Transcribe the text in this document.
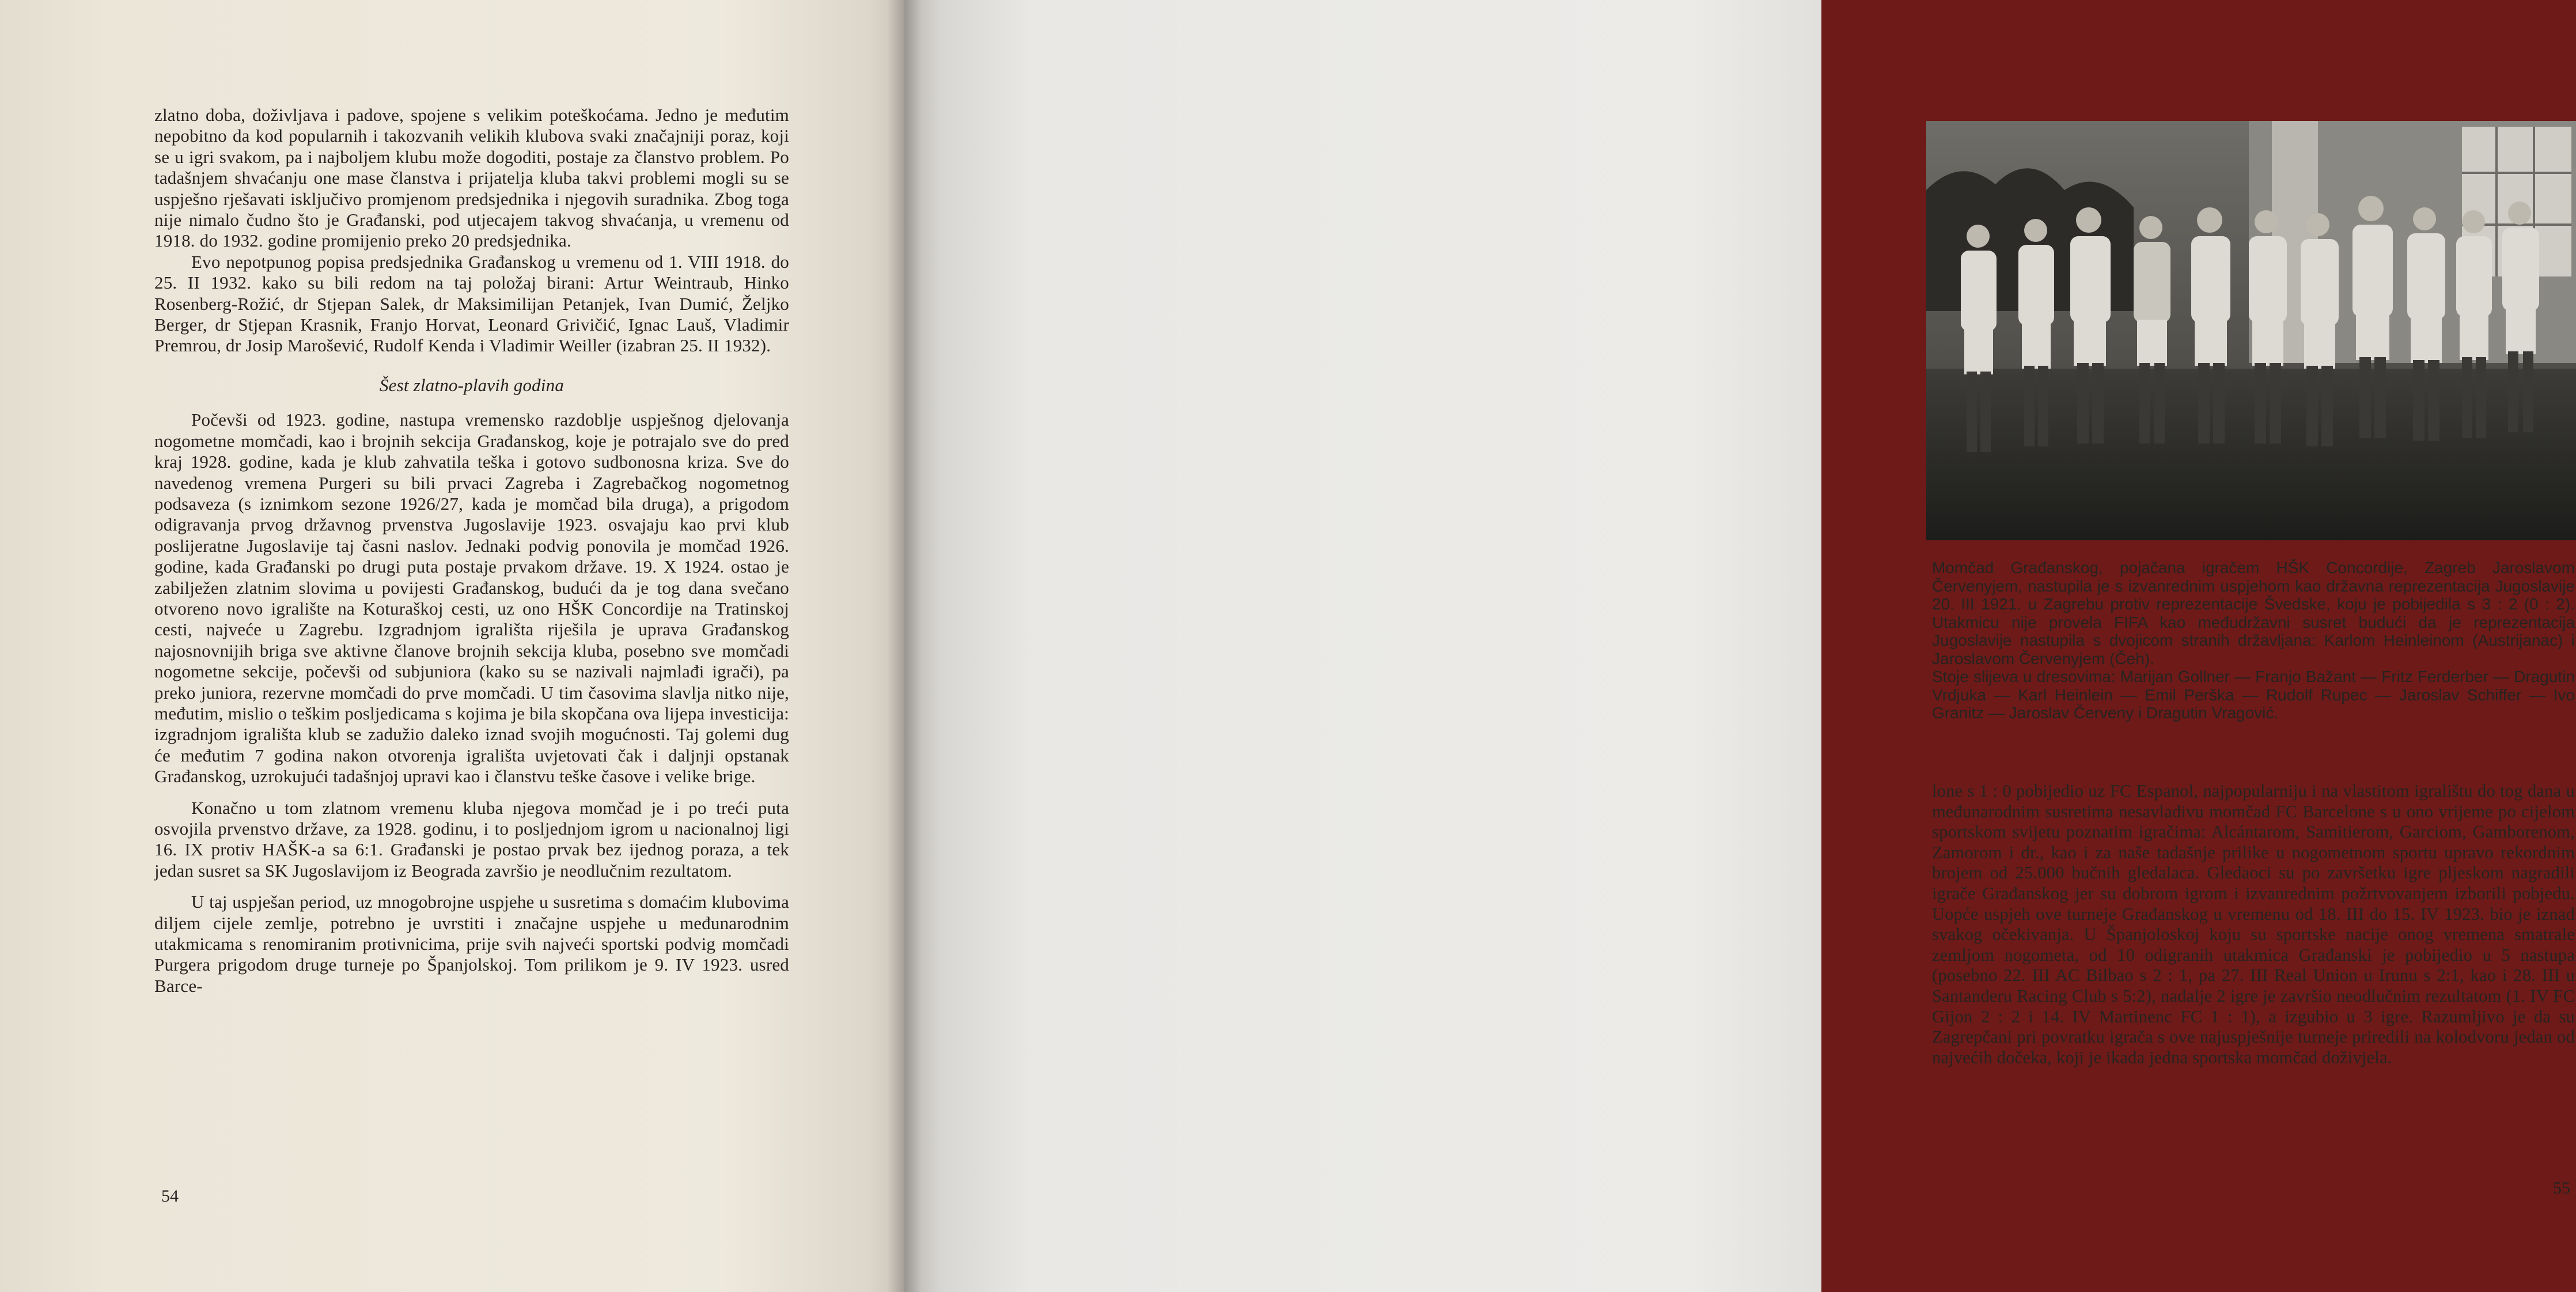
zlatno doba, doživljava i padove, spojene s velikim poteškoćama. Jedno je međutim nepobitno da kod popularnih i takozvanih velikih klubova svaki značajniji poraz, koji se u igri svakom, pa i najboljem klubu može dogoditi, postaje za članstvo problem. Po tadašnjem shvaćanju one mase članstva i prijatelja kluba takvi problemi mogli su se uspješno rješavati isključivo promjenom predsjednika i njegovih suradnika. Zbog toga nije nimalo čudno što je Građanski, pod utjecajem takvog shvaćanja, u vremenu od 1918. do 1932. godine promijenio preko 20 predsjednika.

Evo nepotpunog popisa predsjednika Građanskog u vremenu od 1. VIII 1918. do 25. II 1932. kako su bili redom na taj položaj birani: Artur Weintraub, Hinko Rosenberg-Rožić, dr Stjepan Salek, dr Maksimilijan Petanjek, Ivan Dumić, Željko Berger, dr Stjepan Krasnik, Franjo Horvat, Leonard Grivičić, Ignac Lauš, Vladimir Premrou, dr Josip Marošević, Rudolf Kenda i Vladimir Weiller (izabran 25. II 1932).

Šest zlatno-plavih godina

Počevši od 1923. godine, nastupa vremensko razdoblje uspješnog djelovanja nogometne momčadi, kao i brojnih sekcija Građanskog, koje je potrajalo sve do pred kraj 1928. godine, kada je klub zahvatila teška i gotovo sudbonosna kriza. Sve do navedenog vremena Purgeri su bili prvaci Zagreba i Zagrebačkog nogometnog podsaveza (s iznimkom sezone 1926/27, kada je momčad bila druga), a prigodom odigravanja prvog državnog prvenstva Jugoslavije 1923. osvajaju kao prvi klub poslijeratne Jugoslavije taj časni naslov. Jednaki podvig ponovila je momčad 1926. godine, kada Građanski po drugi puta postaje prvakom države. 19. X 1924. ostao je zabilježen zlatnim slovima u povijesti Građanskog, budući da je tog dana svečano otvoreno novo igralište na Koturaškoj cesti, uz ono HŠK Concordije na Tratinskoj cesti, najveće u Zagrebu. Izgradnjom igrališta riješila je uprava Građanskog najosnovnijih briga sve aktivne članove brojnih sekcija kluba, posebno sve momčadi nogometne sekcije, počevši od subjuniora (kako su se nazivali najmlađi igrači), pa preko juniora, rezervne momčadi do prve momčadi. U tim časovima slavlja nitko nije, međutim, mislio o teškim posljedicama s kojima je bila skopčana ova lijepa investicija: izgradnjom igrališta klub se zadužio daleko iznad svojih mogućnosti. Taj golemi dug će međutim 7 godina nakon otvorenja igrališta uvjetovati čak i daljnji opstanak Građanskog, uzrokujući tadašnjoj upravi kao i članstvu teške časove i velike brige.

Konačno u tom zlatnom vremenu kluba njegova momčad je i po treći puta osvojila prvenstvo države, za 1928. godinu, i to posljednjom igrom u nacionalnoj ligi 16. IX protiv HAŠK-a sa 6:1. Građanski je postao prvak bez ijednog poraza, a tek jedan susret sa SK Jugoslavijom iz Beograda završio je neodlučnim rezultatom.

U taj uspješan period, uz mnogobrojne uspjehe u susretima s domaćim klubovima diljem cijele zemlje, potrebno je uvrstiti i značajne uspjehe u međunarodnim utakmicama s renomiranim protivnicima, prije svih najveći sportski podvig momčadi Purgera prigodom druge turneje po Španjolskoj. Tom prilikom je 9. IV 1923. usred Barce-

54

Momčad Građanskog, pojačana igračem HŠK Concordije, Zagreb Jaroslavom Červenyjem, nastupila je s izvanrednim uspjehom kao državna reprezentacija Jugoslavije 20. III 1921. u Zagrebu protiv reprezentacije Švedske, koju je pobijedila s 3 : 2 (0 : 2). Utakmicu nije provela FIFA kao međudržavni susret budući da je reprezentacija Jugoslavije nastupila s dvojicom stranih državljana: Karlom Heinleinom (Austrijanac) i Jaroslavom Červenyjem (Čeh).

Stoje slijeva u dresovima: Marijan Gollner — Franjo Bažant — Fritz Ferderber — Dragutin Vrdjuka — Karl Heinlein — Emil Perška — Rudolf Rupec — Jaroslav Schiffer — Ivo Granitz — Jaroslav Červeny i Dragutin Vragović.

lone s 1 : 0 pobijedio uz FC Espanol, najpopularniju i na vlastitom igralištu do tog dana u međunarodnim susretima nesavladivu momčad FC Barcelone s u ono vrijeme po cijelom sportskom svijetu poznatim igračima: Alcántarom, Samitierom, Garciom, Gamborenom, Zamorom i dr., kao i za naše tadašnje prilike u nogometnom sportu upravo rekordnim brojem od 25.000 bučnih gledalaca. Gledaoci su po završetku igre pljeskom nagradili igrače Građanskog jer su dobrom igrom i izvanrednim požrtvovanjem izborili pobjedu. Uopće uspjeh ove turneje Građanskog u vremenu od 18. III do 15. IV 1923. bio je iznad svakog očekivanja. U Španjoloskoj koju su sportske nacije onog vremena smatrale zemljom nogometa, od 10 odigranih utakmica Građanski je pobijedio u 5 nastupa (posebno 22. III AC Bilbao s 2 : 1, pa 27. III Real Union u Irunu s 2:1, kao i 28. III u Santanderu Racing Club s 5:2), nadalje 2 igre je završio neodlučnim rezultatom (1. IV FC Gijon 2 : 2 i 14. IV Martinenc FC 1 : 1), a izgubio u 3 igre. Razumljivo je da su Zagrepčani pri povratku igrača s ove najuspješnije turneje priredili na kolodvoru jedan od najvećih dočeka, koji je ikada jedna sportska momčad doživjela.

55
